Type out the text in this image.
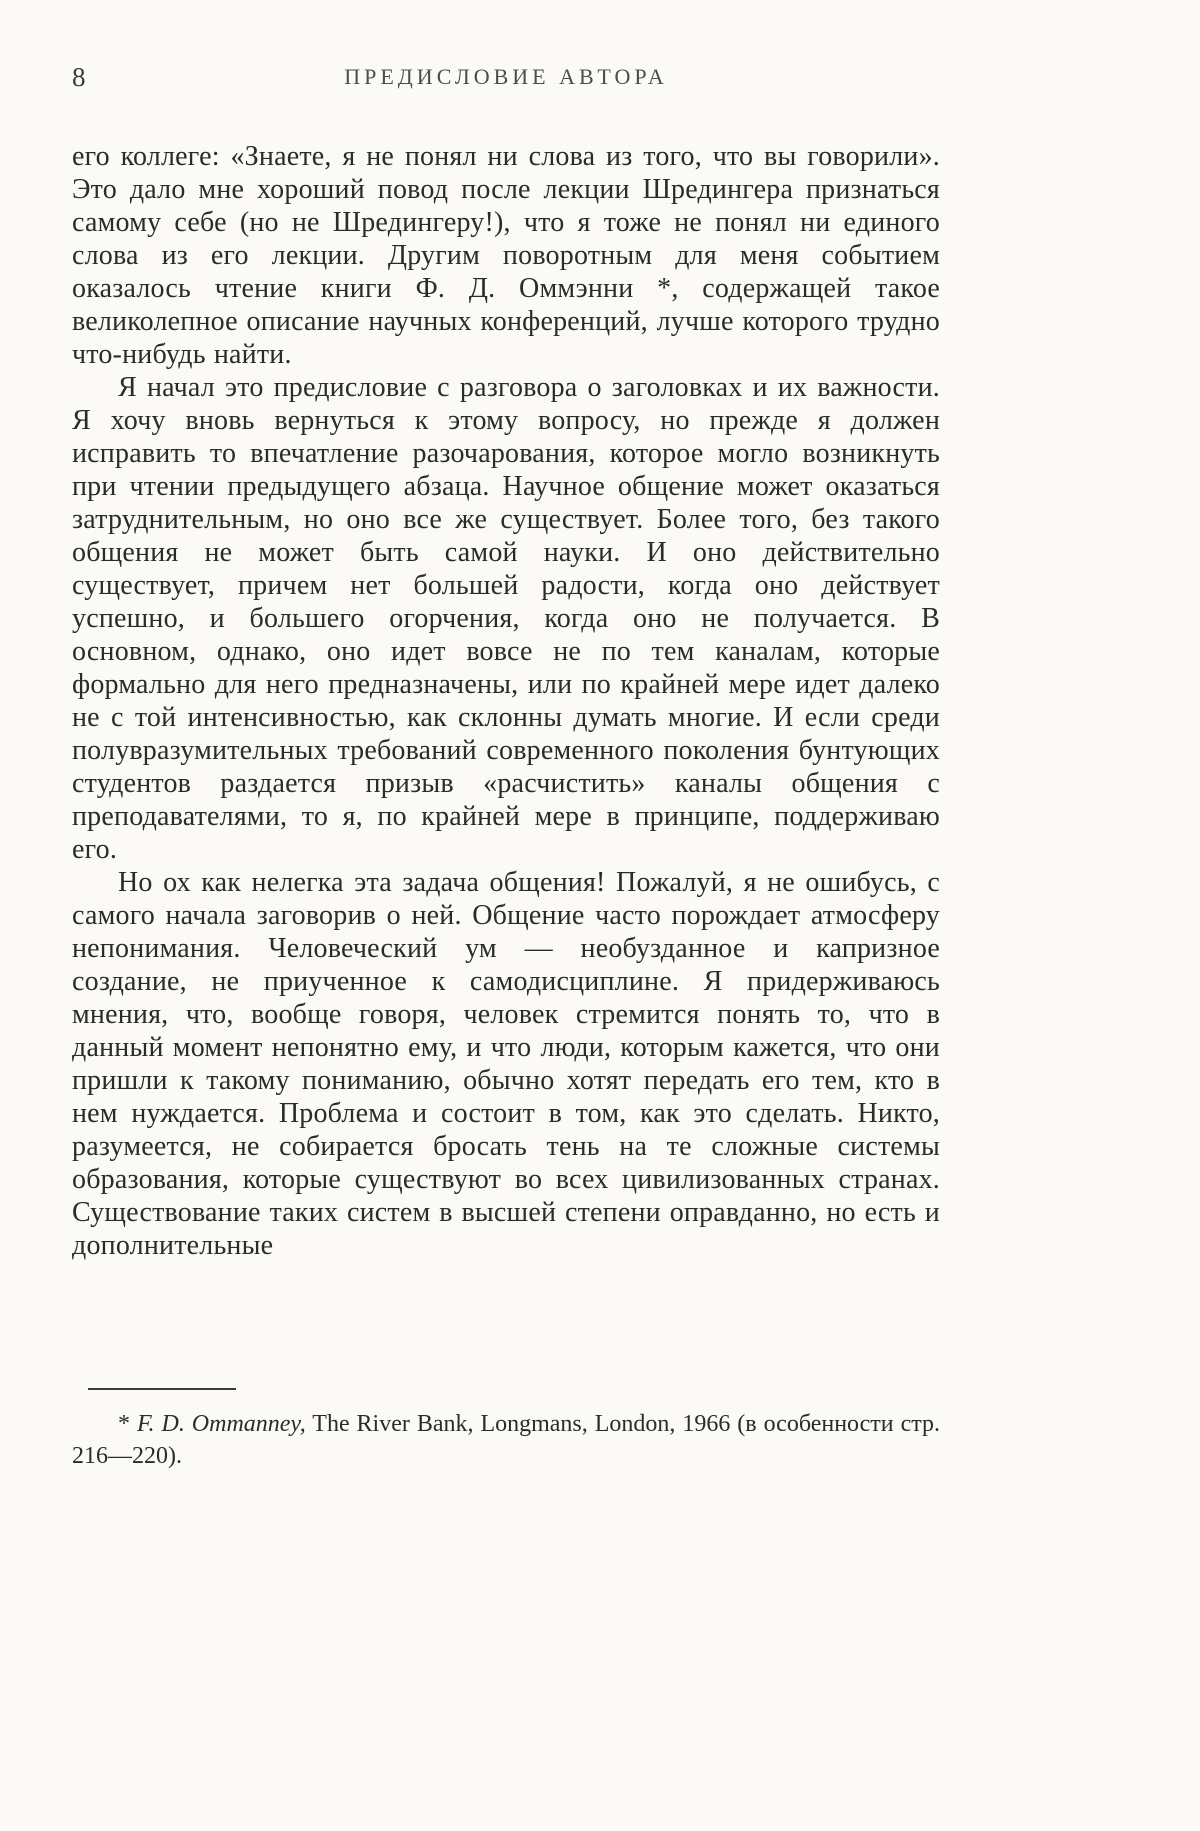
8	ПРЕДИСЛОВИЕ АВТОРА

его коллеге: «Знаете, я не понял ни слова из того, что вы говорили». Это дало мне хороший повод после лекции Шредингера признаться самому себе (но не Шредингеру!), что я тоже не понял ни единого слова из его лекции. Другим поворотным для меня событием оказалось чтение книги Ф. Д. Оммэнни *, содержащей такое великолепное описание научных конференций, лучше которого трудно что-нибудь найти.

Я начал это предисловие с разговора о заголовках и их важности. Я хочу вновь вернуться к этому вопросу, но прежде я должен исправить то впечатление разочарования, которое могло возникнуть при чтении предыдущего абзаца. Научное общение может оказаться затруднительным, но оно все же существует. Более того, без такого общения не может быть самой науки. И оно действительно существует, причем нет большей радости, когда оно действует успешно, и большего огорчения, когда оно не получается. В основном, однако, оно идет вовсе не по тем каналам, которые формально для него предназначены, или по крайней мере идет далеко не с той интенсивностью, как склонны думать многие. И если среди полувразумительных требований современного поколения бунтующих студентов раздается призыв «расчистить» каналы общения с преподавателями, то я, по крайней мере в принципе, поддерживаю его.

Но ох как нелегка эта задача общения! Пожалуй, я не ошибусь, с самого начала заговорив о ней. Общение часто порождает атмосферу непонимания. Человеческий ум — необузданное и капризное создание, не приученное к самодисциплине. Я придерживаюсь мнения, что, вообще говоря, человек стремится понять то, что в данный момент непонятно ему, и что люди, которым кажется, что они пришли к такому пониманию, обычно хотят передать его тем, кто в нем нуждается. Проблема и состоит в том, как это сделать. Никто, разумеется, не собирается бросать тень на те сложные системы образования, которые существуют во всех цивилизованных странах. Существование таких систем в высшей степени оправданно, но есть и дополнительные

* F. D. Ommanney, The River Bank, Longmans, London, 1966 (в особенности стр. 216—220).
